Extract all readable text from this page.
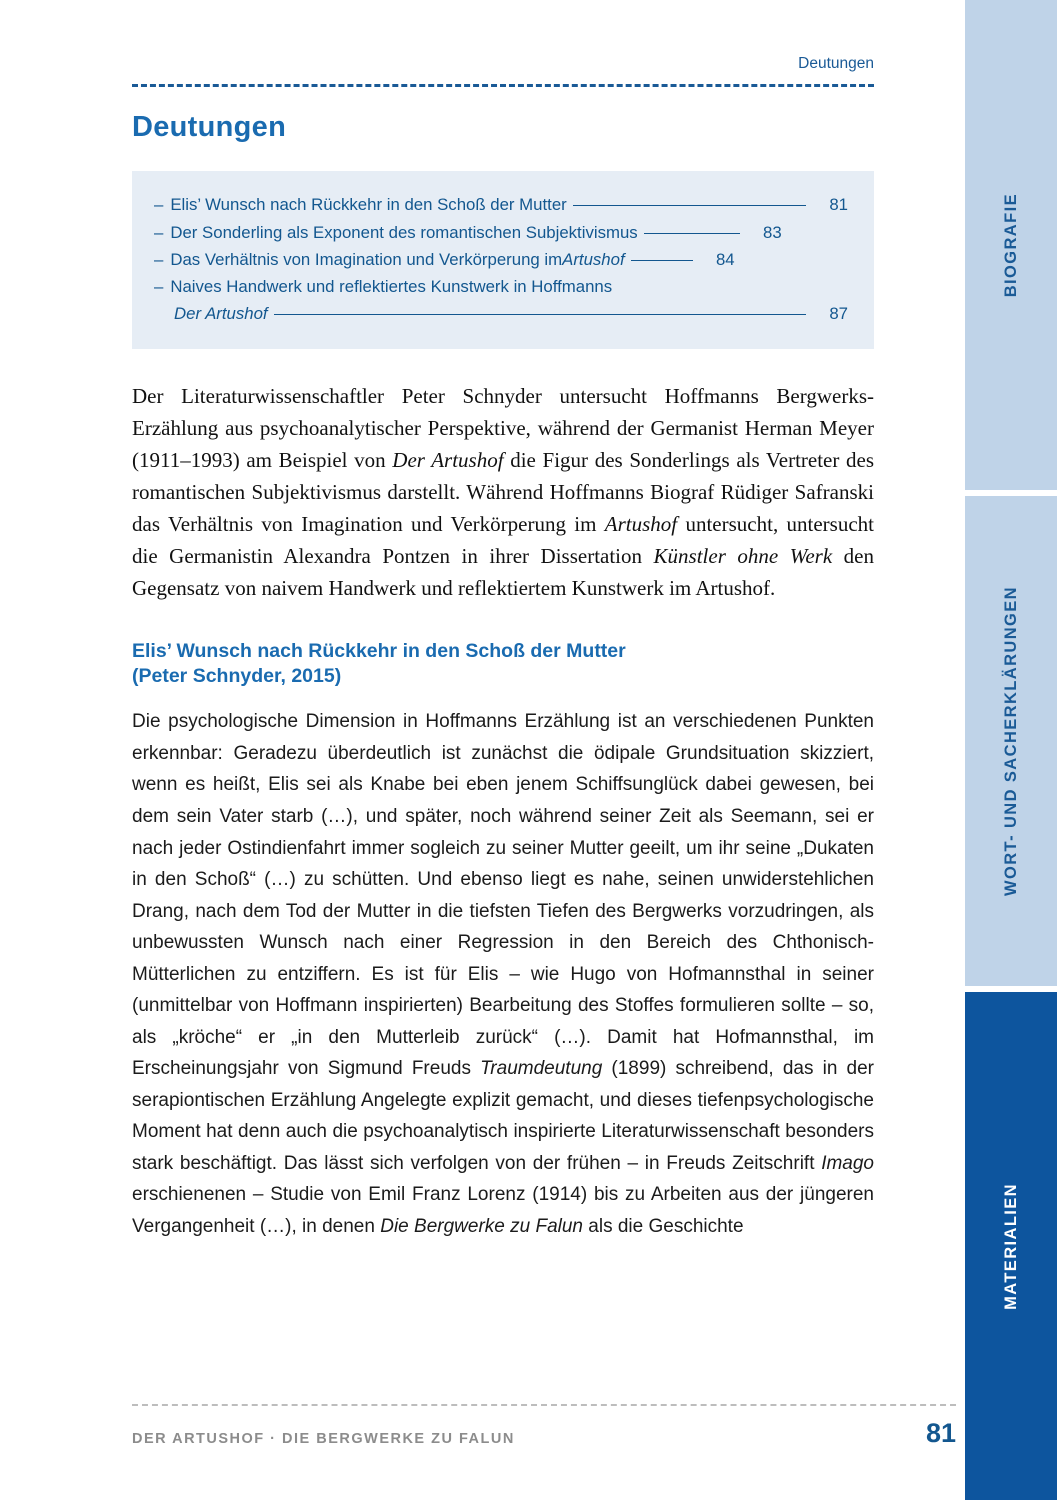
BIOGRAFIE
WORT- UND SACHERKLÄRUNGEN
MATERIALIEN
Deutungen
Deutungen
– Elis’ Wunsch nach Rückkehr in den Schoß der Mutter	81
– Der Sonderling als Exponent des romantischen Subjektivismus	83
– Das Verhältnis von Imagination und Verkörperung im Artushof	84
– Naives Handwerk und reflektiertes Kunstwerk in Hoffmanns
Der Artushof	87

Der Literaturwissenschaftler Peter Schnyder untersucht Hoffmanns Bergwerks-Erzählung aus psychoanalytischer Perspektive, während der Germanist Herman Meyer (1911–1993) am Beispiel von Der Artushof die Figur des Sonderlings als Vertreter des romantischen Subjektivismus darstellt. Während Hoffmanns Biograf Rüdiger Safranski das Verhältnis von Imagination und Verkörperung im Artushof untersucht, untersucht die Germanistin Alexandra Pontzen in ihrer Dissertation Künstler ohne Werk den Gegensatz von naivem Handwerk und reflektiertem Kunstwerk im Artushof.

Elis’ Wunsch nach Rückkehr in den Schoß der Mutter
(Peter Schnyder, 2015)

Die psychologische Dimension in Hoffmanns Erzählung ist an verschiedenen Punkten erkennbar: Geradezu überdeutlich ist zunächst die ödipale Grundsituation skizziert, wenn es heißt, Elis sei als Knabe bei eben jenem Schiffsunglück dabei gewesen, bei dem sein Vater starb (…), und später, noch während seiner Zeit als Seemann, sei er nach jeder Ostindienfahrt immer sogleich zu seiner Mutter geeilt, um ihr seine „Dukaten in den Schoß“ (…) zu schütten. Und ebenso liegt es nahe, seinen unwiderstehlichen Drang, nach dem Tod der Mutter in die tiefsten Tiefen des Bergwerks vorzudringen, als unbewussten Wunsch nach einer Regression in den Bereich des Chthonisch-Mütterlichen zu entziffern. Es ist für Elis – wie Hugo von Hofmannsthal in seiner (unmittelbar von Hoffmann inspirierten) Bearbeitung des Stoffes formulieren sollte – so, als „kröche“ er „in den Mutterleib zurück“ (…). Damit hat Hofmannsthal, im Erscheinungsjahr von Sigmund Freuds Traumdeutung (1899) schreibend, das in der serapiontischen Erzählung Angelegte explizit gemacht, und dieses tiefenpsychologische Moment hat denn auch die psychoanalytisch inspirierte Literaturwissenschaft besonders stark beschäftigt. Das lässt sich verfolgen von der frühen – in Freuds Zeitschrift Imago erschienenen – Studie von Emil Franz Lorenz (1914) bis zu Arbeiten aus der jüngeren Vergangenheit (…), in denen Die Bergwerke zu Falun als die Geschichte

DER ARTUSHOF · DIE BERGWERKE ZU FALUN	81
